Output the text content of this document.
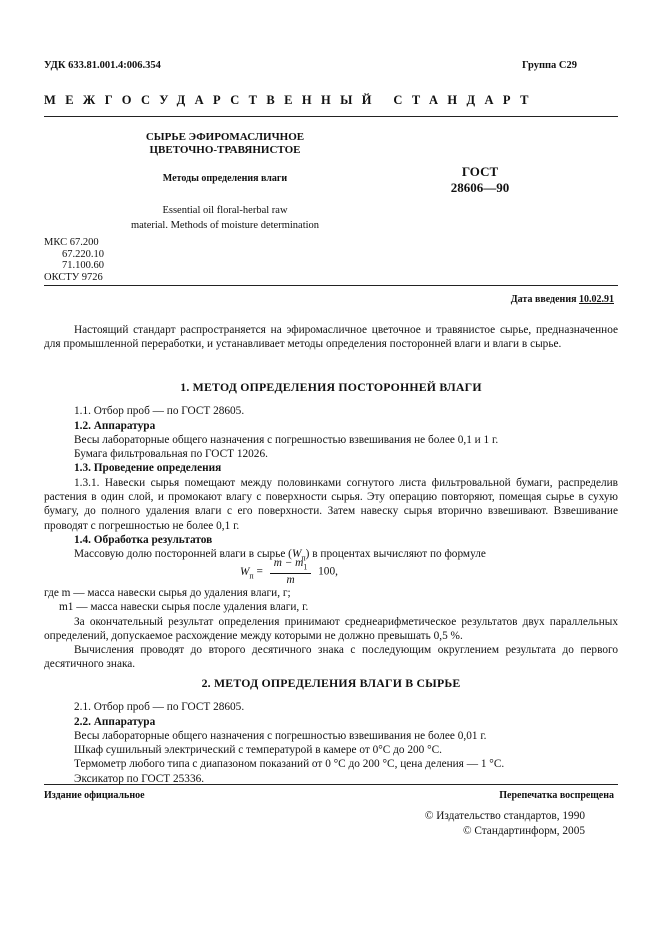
УДК 633.81.001.4:006.354	Группа С29
МЕЖГОСУДАРСТВЕННЫЙ СТАНДАРТ
СЫРЬЕ ЭФИРОМАСЛИЧНОЕ
ЦВЕТОЧНО-ТРАВЯНИСТОЕ
Методы определения влаги
Essential oil floral-herbal raw
material. Methods of moisture determination
ГОСТ
28606—90
МКС 67.200
67.220.10
71.100.60
ОКСТУ 9726
Дата введения 10.02.91

Настоящий стандарт распространяется на эфиромасличное цветочное и травянистое сырье, предназначенное для промышленной переработки, и устанавливает методы определения посторонней влаги и влаги в сырье.

1. МЕТОД ОПРЕДЕЛЕНИЯ ПОСТОРОННЕЙ ВЛАГИ

1.1. Отбор проб — по ГОСТ 28605.

1.2. Аппаратура

Весы лабораторные общего назначения с погрешностью взвешивания не более 0,1 и 1 г.

Бумага фильтровальная по ГОСТ 12026.

1.3. Проведение определения

1.3.1. Навески сырья помещают между половинками согнутого листа фильтровальной бумаги, распределив растения в один слой, и промокают влагу с поверхности сырья. Эту операцию повторяют, помещая сырье в сухую бумагу, до полного удаления влаги с его поверхности. Затем навеску сырья вторично взвешивают. Взвешивание проводят с погрешностью не более 0,1 г.

1.4. Обработка результатов

Массовую долю посторонней влаги в сырье $(W_п)$ в процентах вычисляют по формуле

$W_п = \frac{m - m_1}{m} 100$,

где m — масса навески сырья до удаления влаги, г;

m1 — масса навески сырья после удаления влаги, г.

За окончательный результат определения принимают среднеарифметическое результатов двух параллельных определений, допускаемое расхождение между которыми не должно превышать 0,5 %.

Вычисления проводят до второго десятичного знака с последующим округлением результата до первого десятичного знака.

2. МЕТОД ОПРЕДЕЛЕНИЯ ВЛАГИ В СЫРЬЕ

2.1. Отбор проб — по ГОСТ 28605.

2.2. Аппаратура

Весы лабораторные общего назначения с погрешностью взвешивания не более 0,01 г.

Шкаф сушильный электрический с температурой в камере от 0°С до 200 °С.

Термометр любого типа с диапазоном показаний от 0 °С до 200 °С, цена деления — 1 °С.

Эксикатор по ГОСТ 25336.

Издание официальное	Перепечатка воспрещена
© Издательство стандартов, 1990
© Стандартинформ, 2005
